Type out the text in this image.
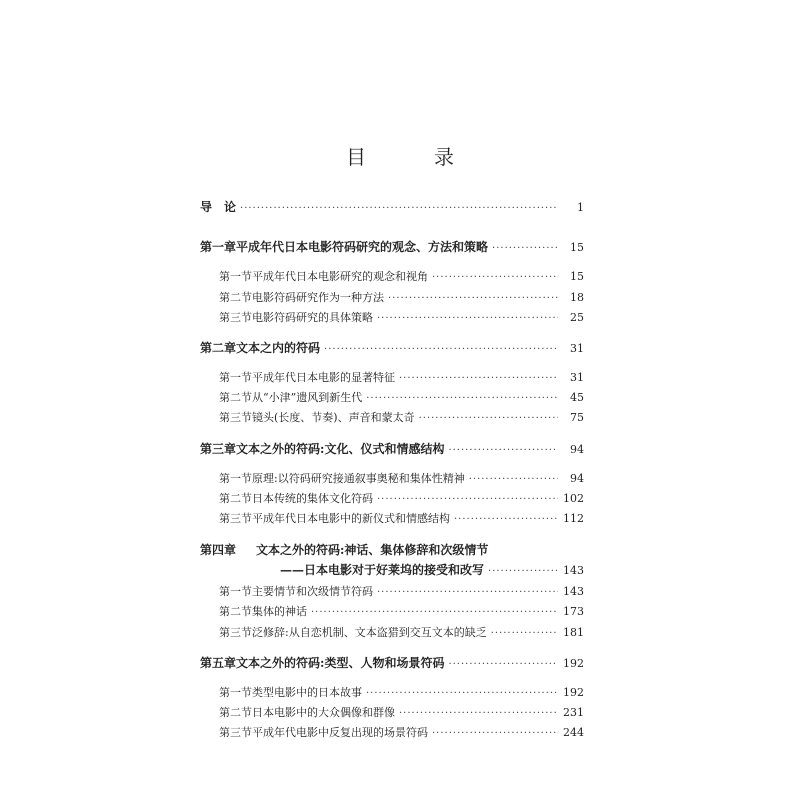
目　录
导　论 ·····	1
第一章 平成年代日本电影符码研究的观念、方法和策略 ·····	15
第一节 平成年代日本电影研究的观念和视角 ·····	15
第二节 电影符码研究作为一种方法 ·····	18
第三节 电影符码研究的具体策略 ·····	25
第二章 文本之内的符码 ·····	31
第一节 平成年代日本电影的显著特征 ·····	31
第二节 从“小津”遗风到新生代 ·····	45
第三节 镜头(长度、节奏)、声音和蒙太奇 ·····	75
第三章 文本之外的符码:文化、仪式和情感结构 ·····	94
第一节 原理:以符码研究接通叙事奥秘和集体性精神 ·····	94
第二节 日本传统的集体文化符码 ·····	102
第三节 平成年代日本电影中的新仪式和情感结构 ·····	112
第四章	文本之外的符码:神话、集体修辞和次级情节
——日本电影对于好莱坞的接受和改写 ·····	143
第一节 主要情节和次级情节符码 ·····	143
第二节 集体的神话 ·····	173
第三节 泛修辞:从自恋机制、文本盗猎到交互文本的缺乏 ·····	181
第五章 文本之外的符码:类型、人物和场景符码 ·····	192
第一节 类型电影中的日本故事 ·····	192
第二节 日本电影中的大众偶像和群像 ·····	231
第三节 平成年代电影中反复出现的场景符码 ·····	244
